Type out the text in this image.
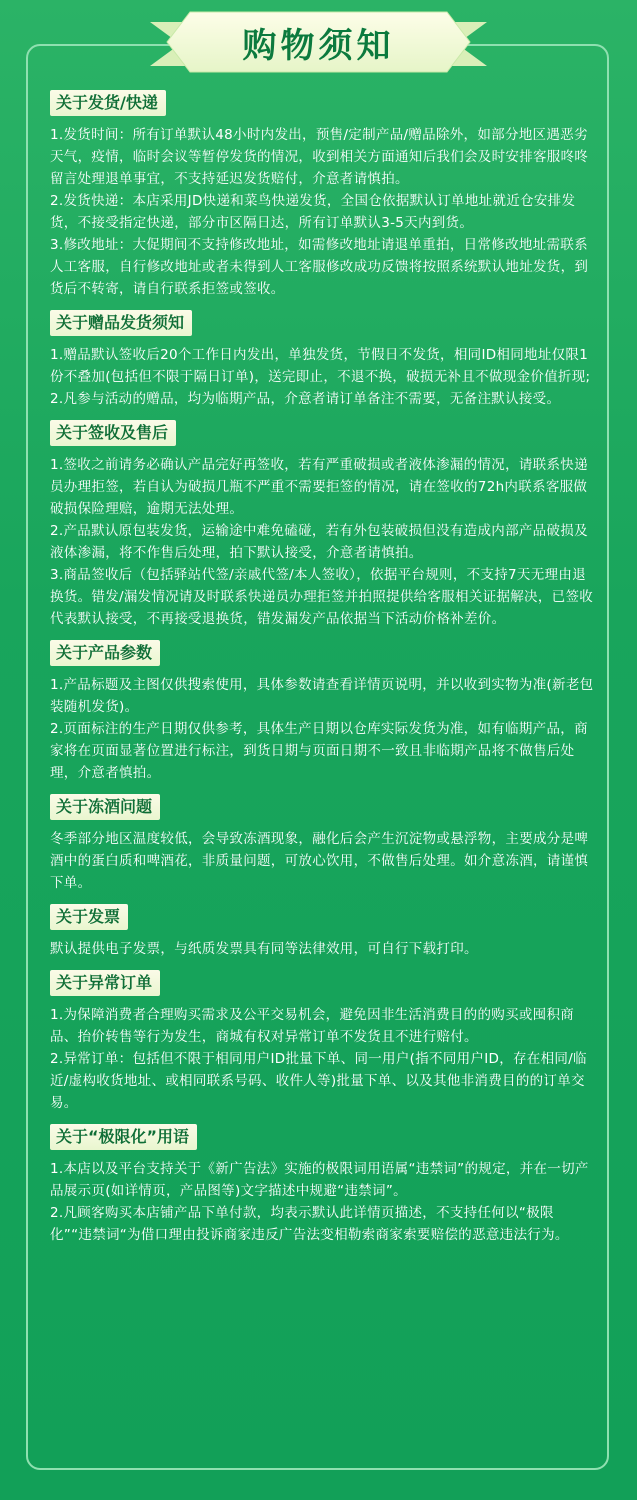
购物须知
关于发货/快递

1.发货时间：所有订单默认48小时内发出，预售/定制产品/赠品除外，如部分地区遇恶劣天气，疫情，临时会议等暂停发货的情况，收到相关方面通知后我们会及时安排客服咚咚留言处理退单事宜，不支持延迟发货赔付，介意者请慎拍。

2.发货快递：本店采用JD快递和菜鸟快递发货，全国仓依据默认订单地址就近仓安排发货，不接受指定快递，部分市区隔日达，所有订单默认3-5天内到货。

3.修改地址：大促期间不支持修改地址，如需修改地址请退单重拍，日常修改地址需联系人工客服，自行修改地址或者未得到人工客服修改成功反馈将按照系统默认地址发货，到货后不转寄，请自行联系拒签或签收。

关于赠品发货须知

1.赠品默认签收后20个工作日内发出，单独发货，节假日不发货，相同ID相同地址仅限1份不叠加(包括但不限于隔日订单)，送完即止，不退不换，破损无补且不做现金价值折现;

2.凡参与活动的赠品，均为临期产品，介意者请订单备注不需要，无备注默认接受。

关于签收及售后

1.签收之前请务必确认产品完好再签收，若有严重破损或者液体渗漏的情况，请联系快递员办理拒签，若自认为破损几瓶不严重不需要拒签的情况，请在签收的72h内联系客服做破损保险理赔，逾期无法处理。

2.产品默认原包装发货，运输途中难免磕碰，若有外包装破损但没有造成内部产品破损及液体渗漏，将不作售后处理，拍下默认接受，介意者请慎拍。

3.商品签收后（包括驿站代签/亲戚代签/本人签收），依据平台规则，不支持7天无理由退换货。错发/漏发情况请及时联系快递员办理拒签并拍照提供给客服相关证据解决，已签收代表默认接受，不再接受退换货，错发漏发产品依据当下活动价格补差价。

关于产品参数

1.产品标题及主图仅供搜索使用，具体参数请查看详情页说明，并以收到实物为准(新老包装随机发货)。

2.页面标注的生产日期仅供参考，具体生产日期以仓库实际发货为准，如有临期产品，商家将在页面显著位置进行标注，到货日期与页面日期不一致且非临期产品将不做售后处理，介意者慎拍。

关于冻酒问题

冬季部分地区温度较低，会导致冻酒现象，融化后会产生沉淀物或悬浮物，主要成分是啤酒中的蛋白质和啤酒花，非质量问题，可放心饮用，不做售后处理。如介意冻酒，请谨慎下单。

关于发票

默认提供电子发票，与纸质发票具有同等法律效用，可自行下载打印。

关于异常订单

1.为保障消费者合理购买需求及公平交易机会，避免因非生活消费目的的购买或囤积商品、抬价转售等行为发生，商城有权对异常订单不发货且不进行赔付。

2.异常订单：包括但不限于相同用户ID批量下单、同一用户(指不同用户ID，存在相同/临近/虚构收货地址、或相同联系号码、收件人等)批量下单、以及其他非消费目的的订单交易。

关于“极限化”用语

1.本店以及平台支持关于《新广告法》实施的极限词用语属“违禁词”的规定，并在一切产品展示页(如详情页，产品图等)文字描述中规避“违禁词”。

2.凡顾客购买本店铺产品下单付款，均表示默认此详情页描述，不支持任何以“极限化”“违禁词“为借口理由投诉商家违反广告法变相勒索商家索要赔偿的恶意违法行为。
